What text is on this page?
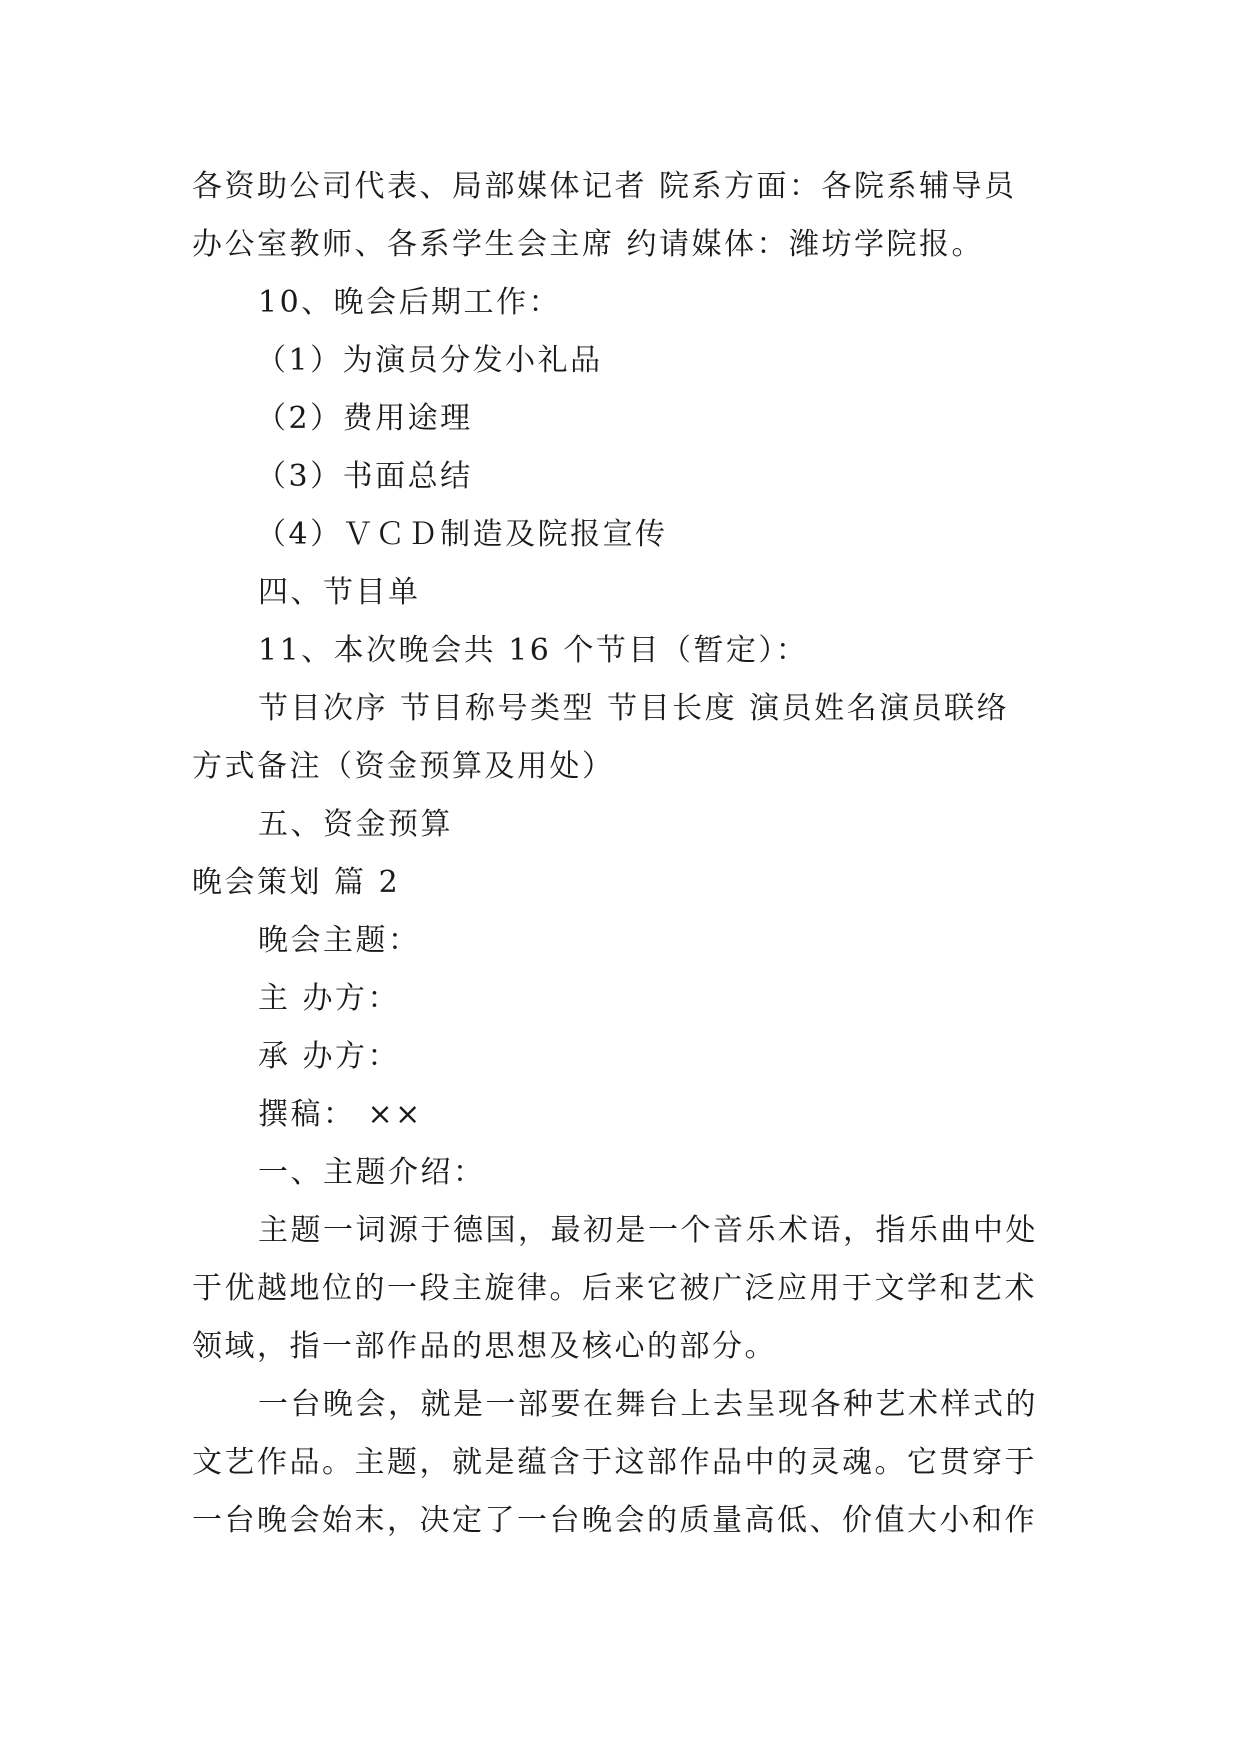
各资助公司代表、局部媒体记者 院系方面：各院系辅导员
办公室教师、各系学生会主席 约请媒体：潍坊学院报。
10、晚会后期工作：
（1）为演员分发小礼品
（2）费用途理
（3）书面总结
（4）ＶＣＤ制造及院报宣传
四、节目单
11、本次晚会共 16 个节目（暂定）：
节目次序 节目称号类型 节目长度 演员姓名演员联络
方式备注（资金预算及用处）
五、资金预算
晚会策划 篇 2
晚会主题：
主 办方：
承 办方：
撰稿： ××
一、主题介绍：
主题一词源于德国，最初是一个音乐术语，指乐曲中处
于优越地位的一段主旋律。后来它被广泛应用于文学和艺术
领域，指一部作品的思想及核心的部分。
一台晚会，就是一部要在舞台上去呈现各种艺术样式的
文艺作品。主题，就是蕴含于这部作品中的灵魂。它贯穿于
一台晚会始末，决定了一台晚会的质量高低、价值大小和作
